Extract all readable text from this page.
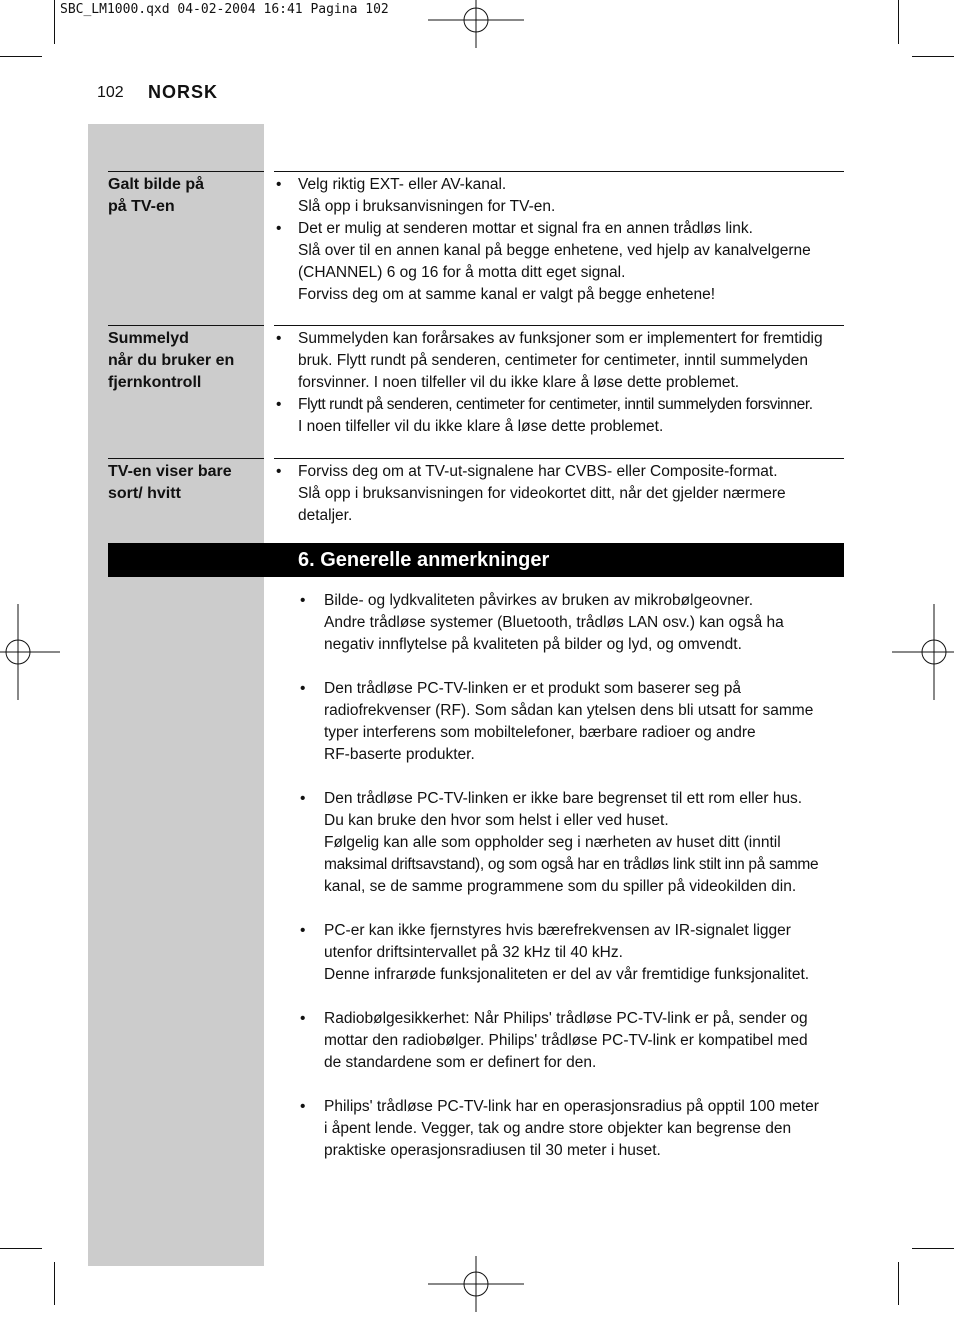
SBC_LM1000.qxd 04-02-2004 16:41 Pagina 102
102 NORSK
Galt bilde på
på TV-en
• Velg riktig EXT- eller AV-kanal.
Slå opp i bruksanvisningen for TV-en.
• Det er mulig at senderen mottar et signal fra en annen trådløs link.
Slå over til en annen kanal på begge enhetene, ved hjelp av kanalvelgerne
(CHANNEL) 6 og 16 for å motta ditt eget signal.
Forviss deg om at samme kanal er valgt på begge enhetene!
Summelyd
når du bruker en
fjernkontroll
• Summelyden kan forårsakes av funksjoner som er implementert for fremtidig
bruk. Flytt rundt på senderen, centimeter for centimeter, inntil summelyden
forsvinner. I noen tilfeller vil du ikke klare å løse dette problemet.
• Flytt rundt på senderen, centimeter for centimeter, inntil summelyden forsvinner.
I noen tilfeller vil du ikke klare å løse dette problemet.
TV-en viser bare
sort/ hvitt
• Forviss deg om at TV-ut-signalene har CVBS- eller Composite-format.
Slå opp i bruksanvisningen for videokortet ditt, når det gjelder nærmere
detaljer.
6. Generelle anmerkninger
• Bilde- og lydkvaliteten påvirkes av bruken av mikrobølgeovner.
Andre trådløse systemer (Bluetooth, trådløs LAN osv.) kan også ha
negativ innflytelse på kvaliteten på bilder og lyd, og omvendt.
• Den trådløse PC-TV-linken er et produkt som baserer seg på
radiofrekvenser (RF). Som sådan kan ytelsen dens bli utsatt for samme
typer interferens som mobiltelefoner, bærbare radioer og andre
RF-baserte produkter.
• Den trådløse PC-TV-linken er ikke bare begrenset til ett rom eller hus.
Du kan bruke den hvor som helst i eller ved huset.
Følgelig kan alle som oppholder seg i nærheten av huset ditt (inntil
maksimal driftsavstand), og som også har en trådløs link stilt inn på samme
kanal, se de samme programmene som du spiller på videokilden din.
• PC-er kan ikke fjernstyres hvis bærefrekvensen av IR-signalet ligger
utenfor driftsintervallet på 32 kHz til 40 kHz.
Denne infrarøde funksjonaliteten er del av vår fremtidige funksjonalitet.
• Radiobølgesikkerhet: Når Philips' trådløse PC-TV-link er på, sender og
mottar den radiobølger. Philips' trådløse PC-TV-link er kompatibel med
de standardene som er definert for den.
• Philips' trådløse PC-TV-link har en operasjonsradius på opptil 100 meter
i åpent lende. Vegger, tak og andre store objekter kan begrense den
praktiske operasjonsradiusen til 30 meter i huset.
